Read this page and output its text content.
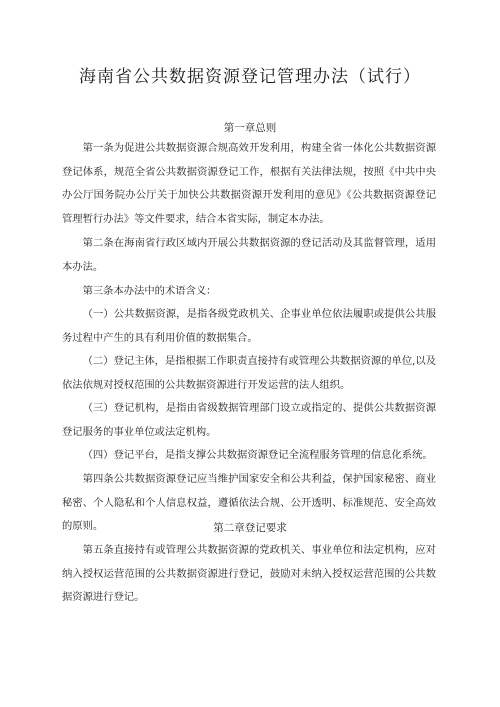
海南省公共数据资源登记管理办法（试行）
第一章总则

第一条为促进公共数据资源合规高效开发利用，构建全省一体化公共数据资源登记体系，规范全省公共数据资源登记工作，根据有关法律法规，按照《中共中央办公厅国务院办公厅关于加快公共数据资源开发利用的意见》《公共数据资源登记管理暂行办法》等文件要求，结合本省实际，制定本办法。

第二条在海南省行政区域内开展公共数据资源的登记活动及其监督管理，适用本办法。

第三条本办法中的术语含义：

（一）公共数据资源，是指各级党政机关、企事业单位依法履职或提供公共服务过程中产生的具有利用价值的数据集合。

（二）登记主体，是指根据工作职责直接持有或管理公共数据资源的单位,以及依法依规对授权范围的公共数据资源进行开发运营的法人组织。

（三）登记机构，是指由省级数据管理部门设立或指定的、提供公共数据资源登记服务的事业单位或法定机构。

（四）登记平台，是指支撑公共数据资源登记全流程服务管理的信息化系统。

第四条公共数据资源登记应当维护国家安全和公共利益，保护国家秘密、商业秘密、个人隐私和个人信息权益，遵循依法合规、公开透明、标准规范、安全高效的原则。	第二章登记要求

第五条直接持有或管理公共数据资源的党政机关、事业单位和法定机构，应对纳入授权运营范围的公共数据资源进行登记，鼓励对未纳入授权运营范围的公共数据资源进行登记。
